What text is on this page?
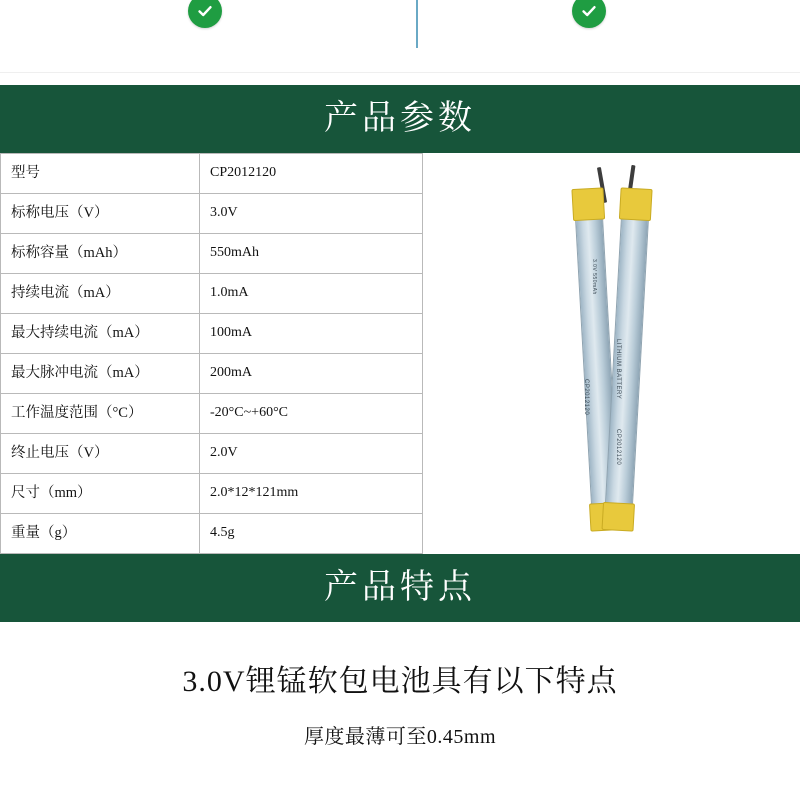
产品参数
型号	CP2012120
标称电压（V）	3.0V
标称容量（mAh）	550mAh
持续电流（mA）	1.0mA
最大持续电流（mA）	100mA
最大脉冲电流（mA）	200mA
工作温度范围（°C）	-20°C~+60°C
终止电压（V）	2.0V
尺寸（mm）	2.0*12*121mm
重量（g）	4.5g
3.0V 550mAh
CP2012120	LITHIUM BATTERY
CP2012120
产品特点
3.0V锂锰软包电池具有以下特点
厚度最薄可至0.45mm
